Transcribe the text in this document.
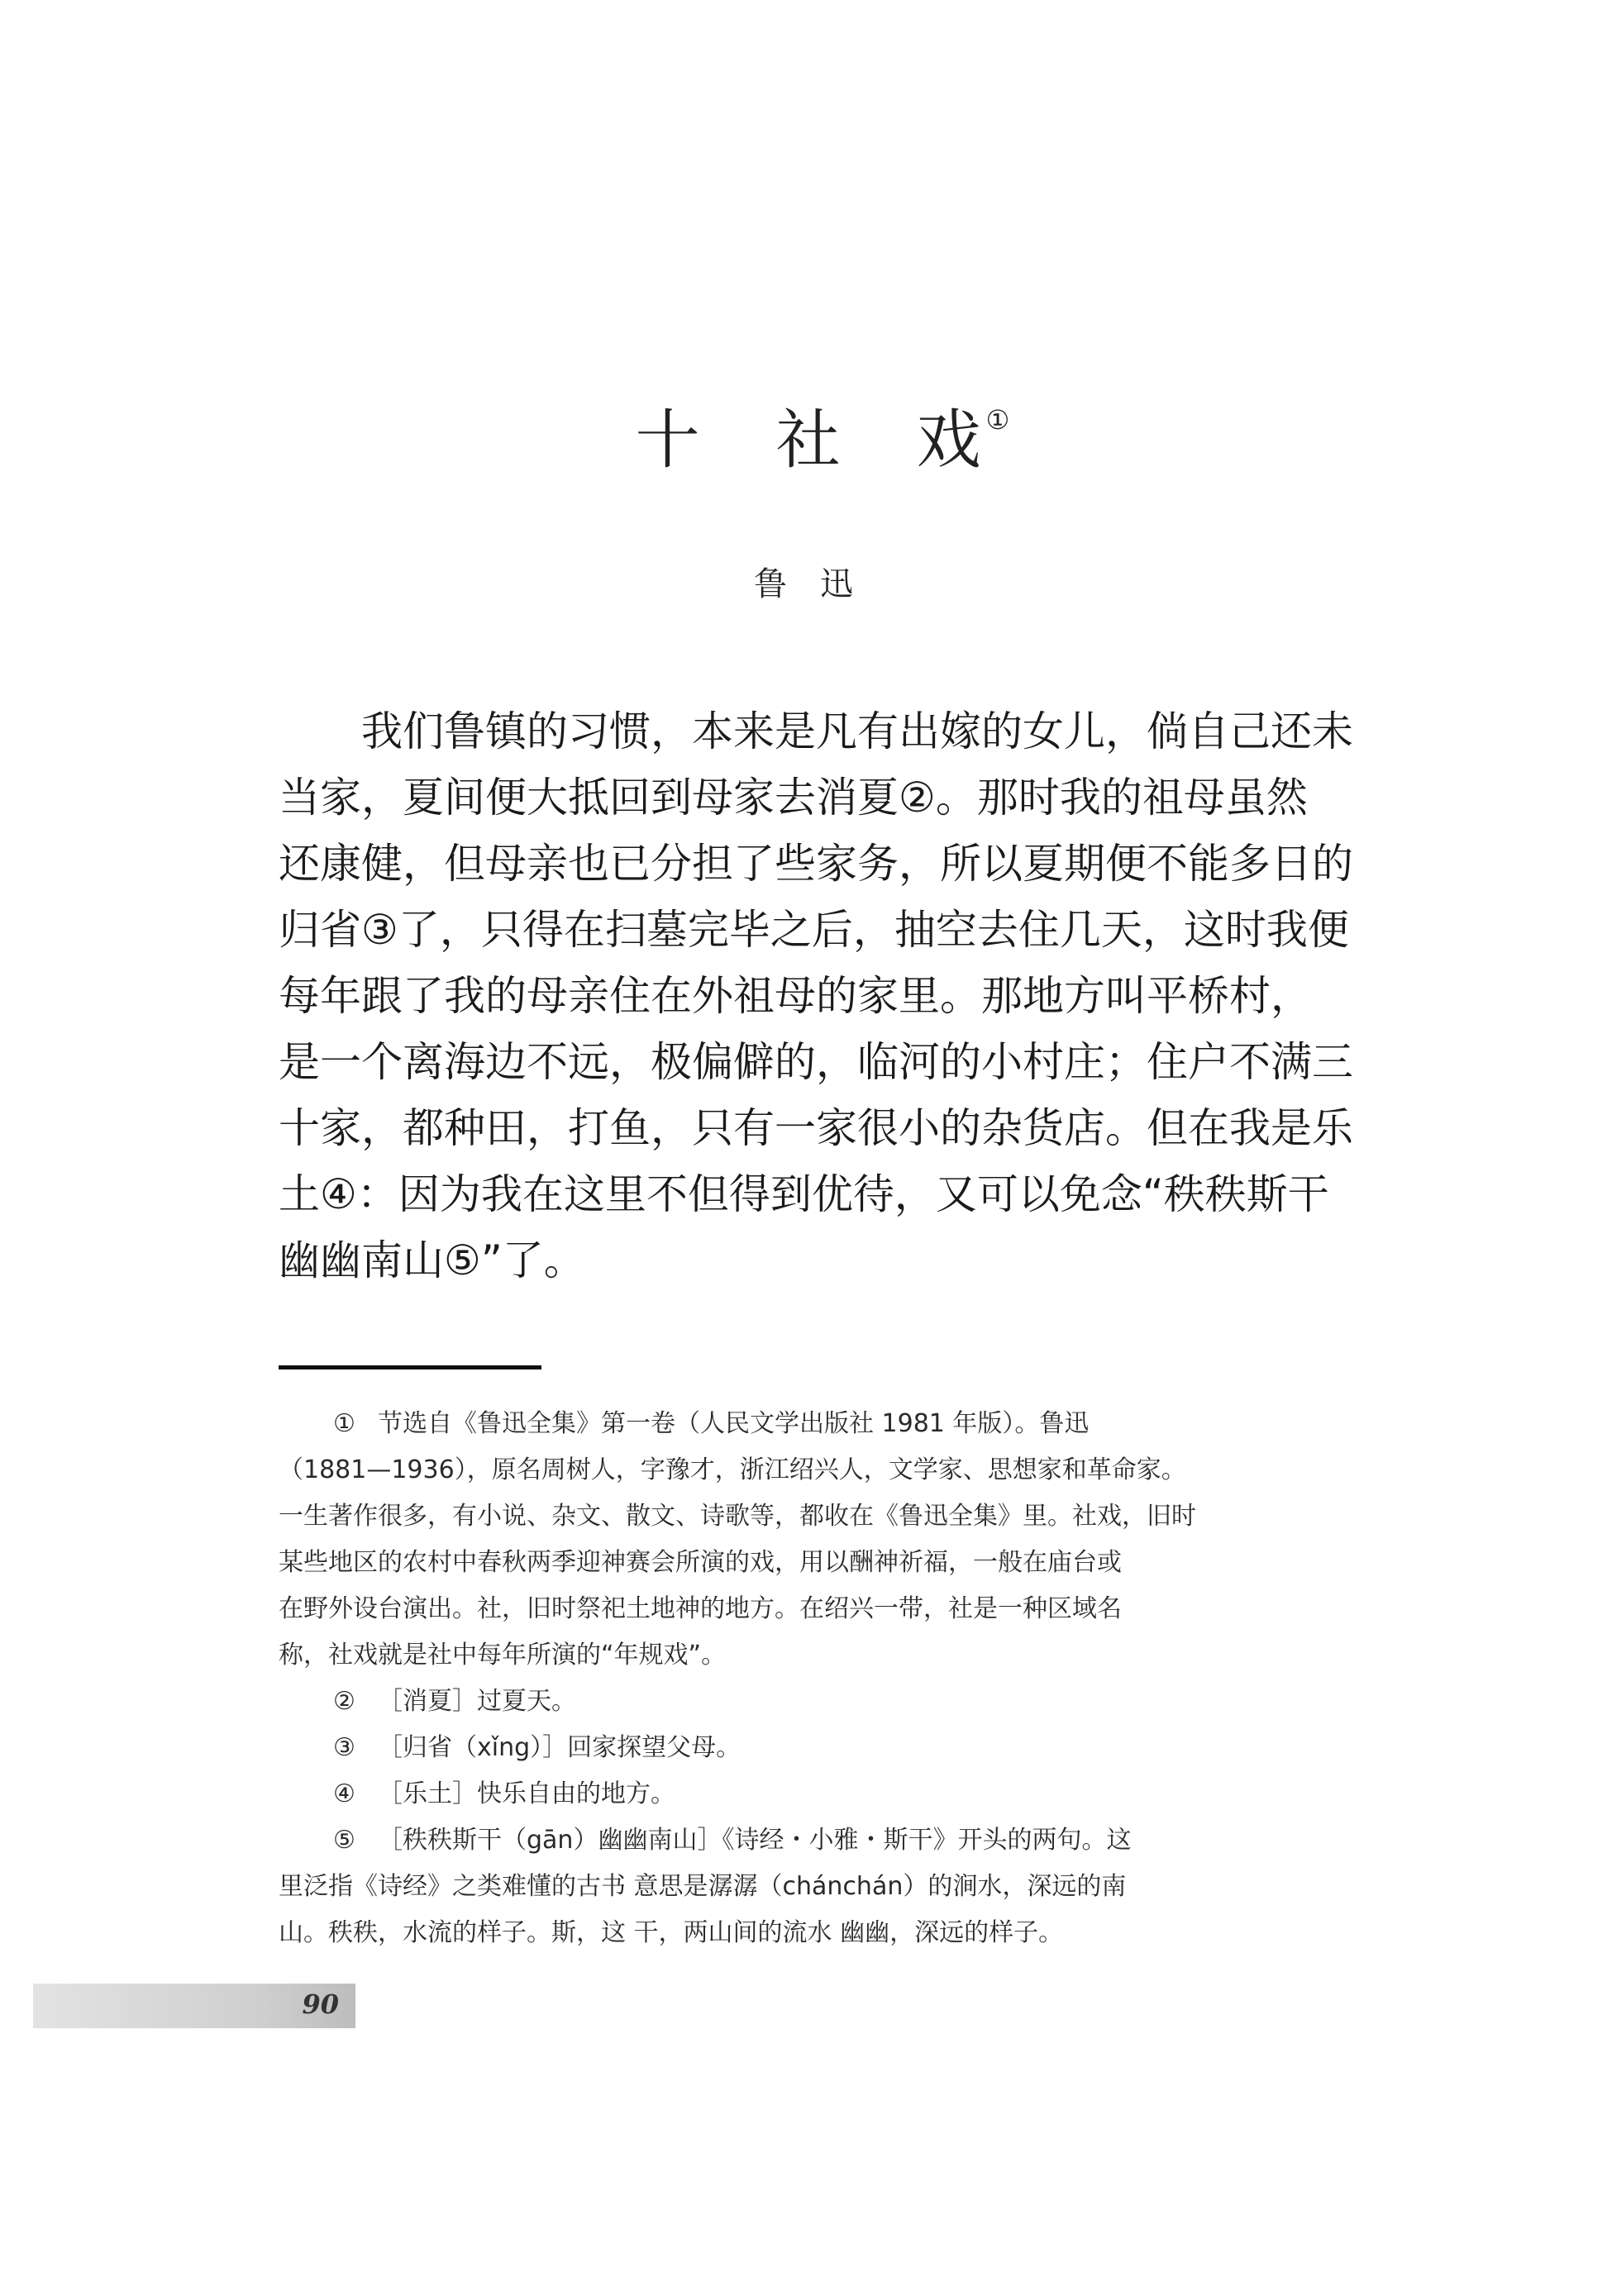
十 社 戏 ①
鲁 迅
我们鲁镇的习惯，本来是凡有出嫁的女儿，倘自己还未
当家，夏间便大抵回到母家去消夏②。那时我的祖母虽然
还康健，但母亲也已分担了些家务，所以夏期便不能多日的
归省③了，只得在扫墓完毕之后，抽空去住几天，这时我便
每年跟了我的母亲住在外祖母的家里。那地方叫平桥村，
是一个离海边不远，极偏僻的，临河的小村庄；住户不满三
十家，都种田，打鱼，只有一家很小的杂货店。但在我是乐
土④：因为我在这里不但得到优待，又可以免念“秩秩斯干
幽幽南山⑤”了。
① 节选自《鲁迅全集》第一卷（人民文学出版社 1981 年版）。鲁迅
（1881—1936），原名周树人，字豫才，浙江绍兴人，文学家、思想家和革命家。
一生著作很多，有小说、杂文、散文、诗歌等，都收在《鲁迅全集》里。社戏，旧时
某些地区的农村中春秋两季迎神赛会所演的戏，用以酬神祈福，一般在庙台或
在野外设台演出。社，旧时祭祀土地神的地方。在绍兴一带，社是一种区域名
称，社戏就是社中每年所演的“年规戏”。
② ［消夏］过夏天。
③ ［归省（xǐng）］回家探望父母。
④ ［乐土］快乐自由的地方。
⑤ ［秩秩斯干（gān）幽幽南山］《诗经・小雅・斯干》开头的两句。这
里泛指《诗经》之类难懂的古书 意思是潺潺（chánchán）的涧水，深远的南
山。秩秩，水流的样子。斯，这 干，两山间的流水 幽幽，深远的样子。
90
